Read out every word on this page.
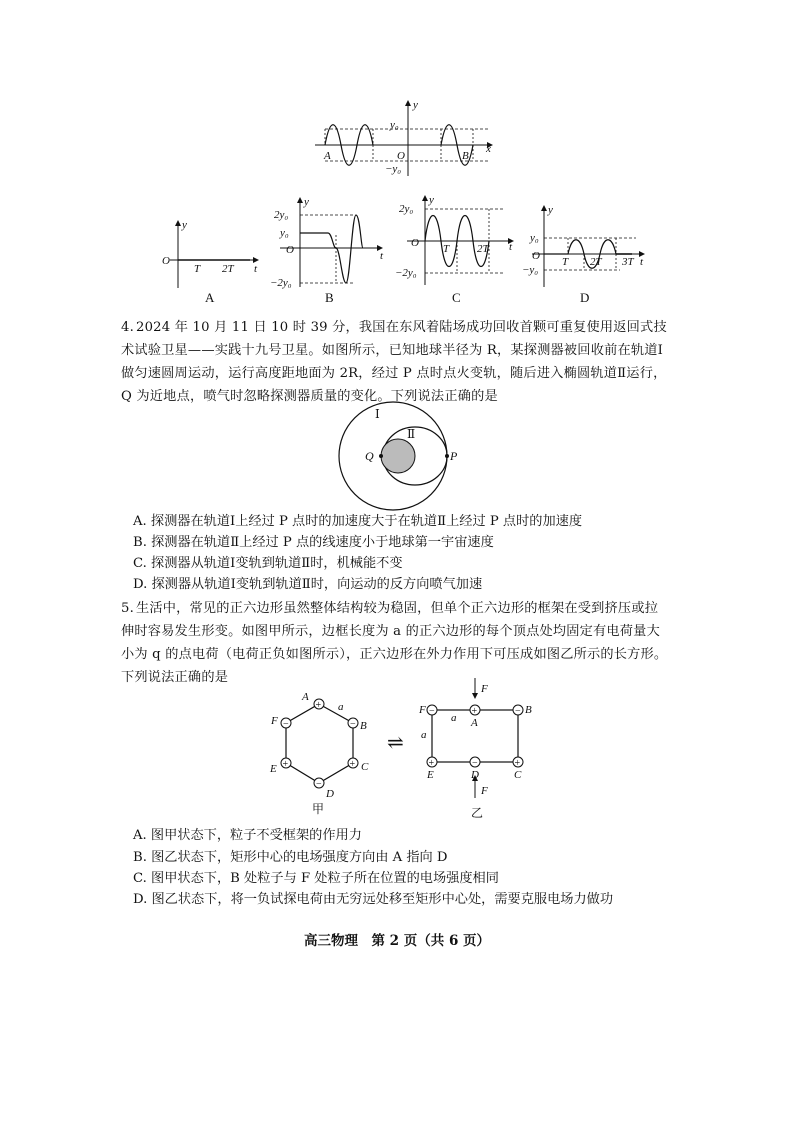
y
y₀
−y₀
A	O	B
x
y
O
T 2T t
A
y
2y₀
y₀
O
−2y₀
t
B
y
2y₀
O T	2T
−2y₀
t
C
y
y₀
O T 2T 3T
−y₀
t
D
4. 2024 年 10 月 11 日 10 时 39 分，我国在东风着陆场成功回收首颗可重复使用返回式技术试验卫星——实践十九号卫星。如图所示，已知地球半径为 R，某探测器被回收前在轨道Ⅰ做匀速圆周运动，运行高度距地面为 2R，经过 P 点时点火变轨，随后进入椭圆轨道Ⅱ运行，Q 为近地点，喷气时忽略探测器质量的变化。下列说法正确的是
Ⅰ
Ⅱ
Q	P
A. 探测器在轨道Ⅰ上经过 P 点时的加速度大于在轨道Ⅱ上经过 P 点时的加速度
B. 探测器在轨道Ⅱ上经过 P 点的线速度小于地球第一宇宙速度
C. 探测器从轨道Ⅰ变轨到轨道Ⅱ时，机械能不变
D. 探测器从轨道Ⅰ变轨到轨道Ⅱ时，向运动的反方向喷气加速
5. 生活中，常见的正六边形虽然整体结构较为稳固，但单个正六边形的框架在受到挤压或拉伸时容易发生形变。如图甲所示，边框长度为 a 的正六边形的每个顶点处均固定有电荷量大小为 q 的点电荷（电荷正负如图所示），正六边形在外力作用下可压成如图乙所示的长方形。下列说法正确的是
+
−
+
−
+
−
A
a
B
C
D
E
F
甲
⇌
−	+	−
+	−	+
F
F
a A
B
a
E	D	C
F
乙
A. 图甲状态下，粒子不受框架的作用力
B. 图乙状态下，矩形中心的电场强度方向由 A 指向 D
C. 图甲状态下，B 处粒子与 F 处粒子所在位置的电场强度相同
D. 图乙状态下，将一负试探电荷由无穷远处移至矩形中心处，需要克服电场力做功
高三物理　第 2 页（共 6 页）
